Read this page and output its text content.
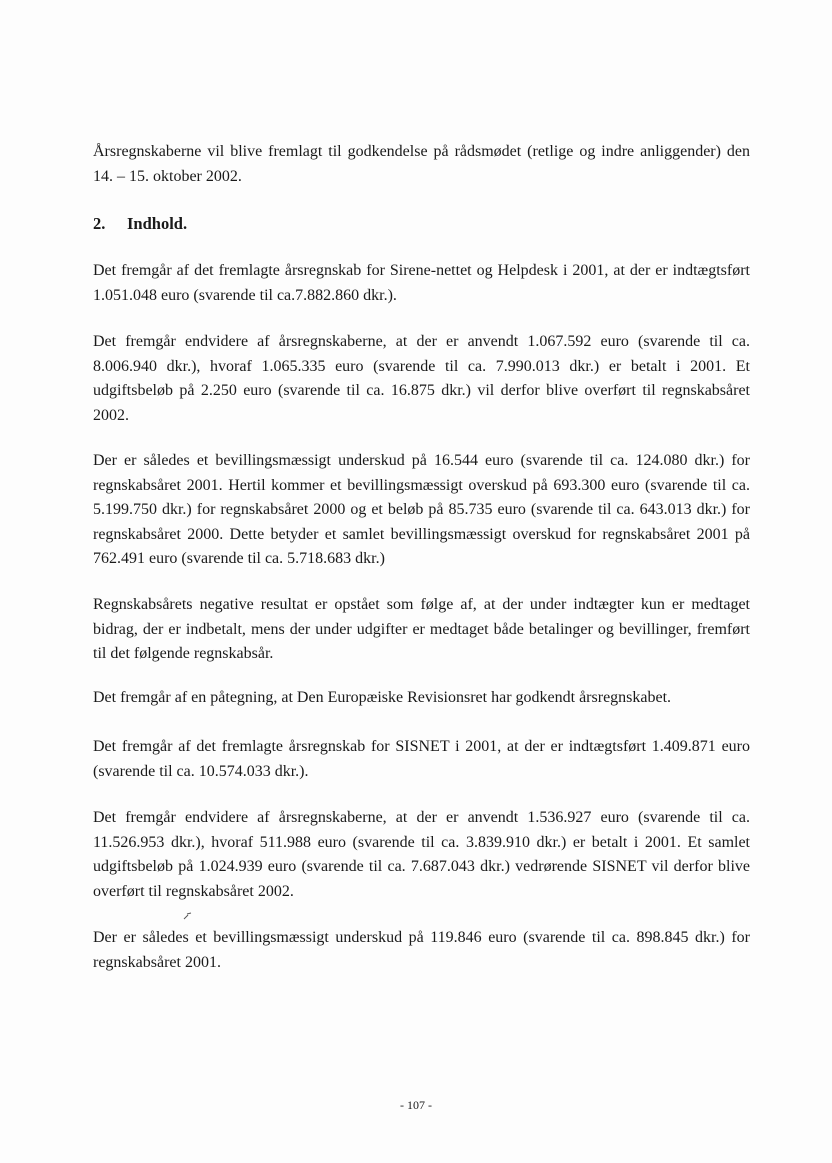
Årsregnskaberne vil blive fremlagt til godkendelse på rådsmødet (retlige og indre anliggender) den 14. – 15. oktober 2002.

2. Indhold.

Det fremgår af det fremlagte årsregnskab for Sirene-nettet og Helpdesk i 2001, at der er indtægtsført 1.051.048 euro (svarende til ca.7.882.860 dkr.).

Det fremgår endvidere af årsregnskaberne, at der er anvendt 1.067.592 euro (svarende til ca. 8.006.940 dkr.), hvoraf 1.065.335 euro (svarende til ca. 7.990.013 dkr.) er betalt i 2001. Et udgiftsbeløb på 2.250 euro (svarende til ca. 16.875 dkr.) vil derfor blive overført til regnskabsåret 2002.

Der er således et bevillingsmæssigt underskud på 16.544 euro (svarende til ca. 124.080 dkr.) for regnskabsåret 2001. Hertil kommer et bevillingsmæssigt overskud på 693.300 euro (svarende til ca. 5.199.750 dkr.) for regnskabsåret 2000 og et beløb på 85.735 euro (svarende til ca. 643.013 dkr.) for regnskabsåret 2000. Dette betyder et samlet bevillingsmæssigt overskud for regnskabsåret 2001 på 762.491 euro (svarende til ca. 5.718.683 dkr.)

Regnskabsårets negative resultat er opstået som følge af, at der under indtægter kun er medtaget bidrag, der er indbetalt, mens der under udgifter er medtaget både betalinger og bevillinger, fremført til det følgende regnskabsår.

Det fremgår af en påtegning, at Den Europæiske Revisionsret har godkendt årsregnskabet.

Det fremgår af det fremlagte årsregnskab for SISNET i 2001, at der er indtægtsført 1.409.871 euro (svarende til ca. 10.574.033 dkr.).

Det fremgår endvidere af årsregnskaberne, at der er anvendt 1.536.927 euro (svarende til ca. 11.526.953 dkr.), hvoraf 511.988 euro (svarende til ca. 3.839.910 dkr.) er betalt i 2001. Et samlet udgiftsbeløb på 1.024.939 euro (svarende til ca. 7.687.043 dkr.) vedrørende SISNET vil derfor blive overført til regnskabsåret 2002.

Der er således et bevillingsmæssigt underskud på 119.846 euro (svarende til ca. 898.845 dkr.) for regnskabsåret 2001.

- 107 -
